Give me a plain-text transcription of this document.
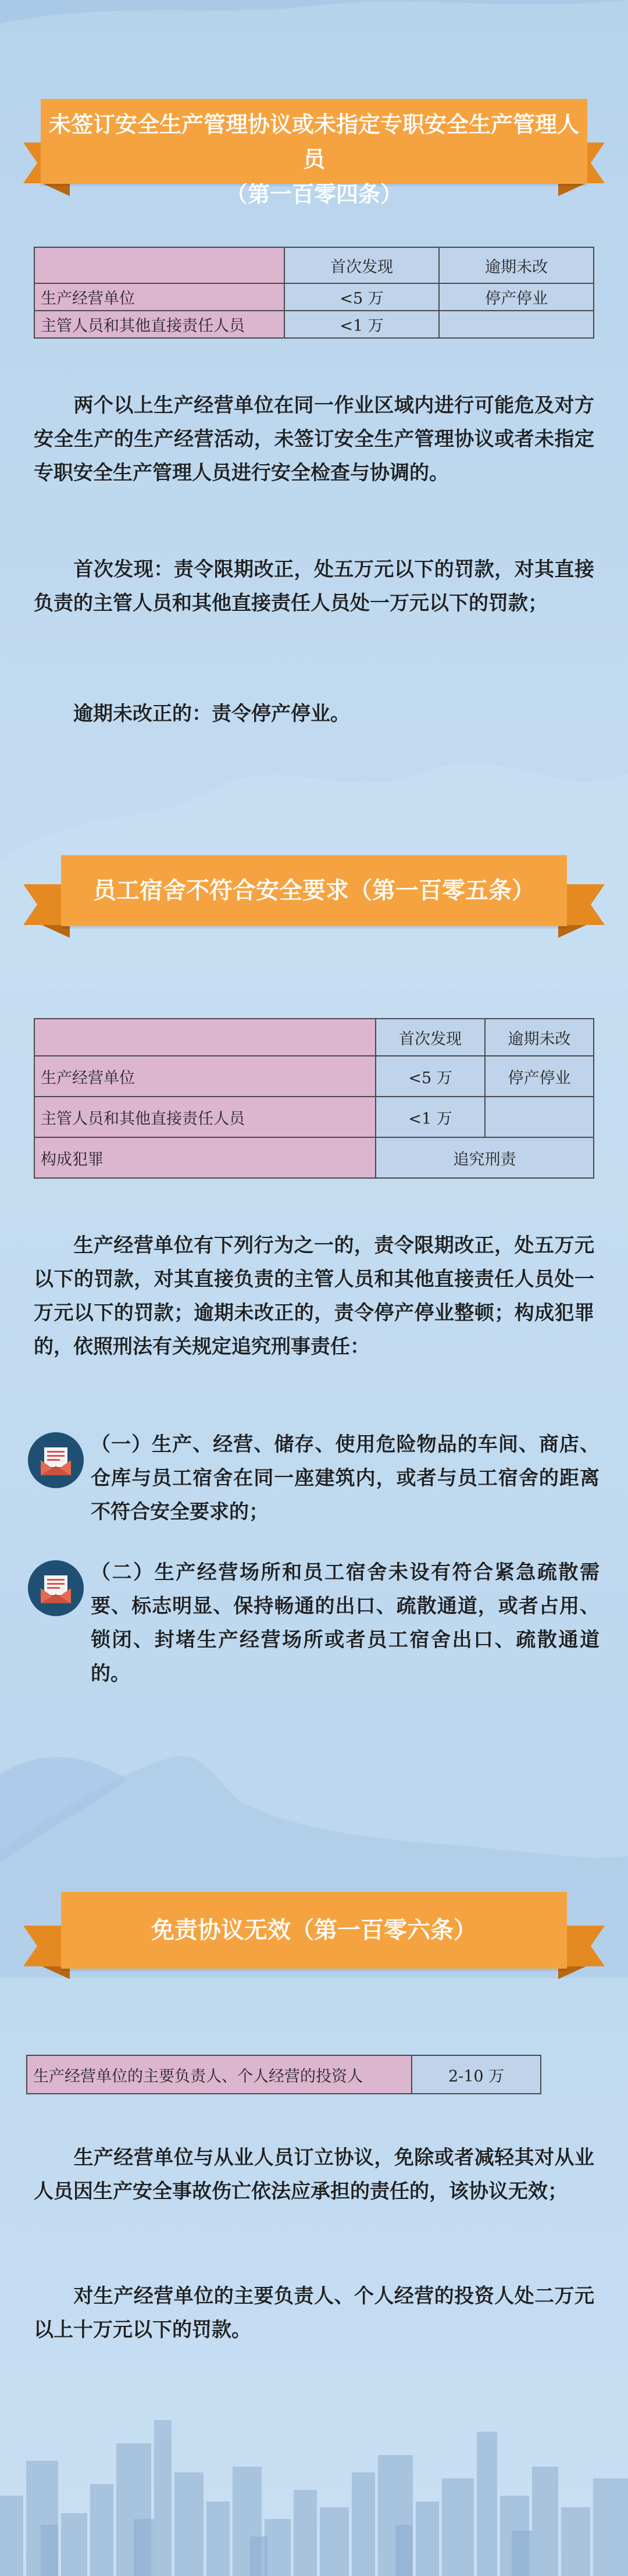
未签订安全生产管理协议或未指定专职安全生产管理人员
（第一百零四条）
	首次发现	逾期未改
生产经营单位	<5 万	停产停业
主管人员和其他直接责任人员	<1 万	
两个以上生产经营单位在同一作业区域内进行可能危及对方安全生产的生产经营活动，未签订安全生产管理协议或者未指定专职安全生产管理人员进行安全检查与协调的。
首次发现：责令限期改正，处五万元以下的罚款，对其直接负责的主管人员和其他直接责任人员处一万元以下的罚款；
逾期未改正的：责令停产停业。
员工宿舍不符合安全要求（第一百零五条）
	首次发现	逾期未改
生产经营单位	<5 万	停产停业
主管人员和其他直接责任人员	<1 万	
构成犯罪	追究刑责	
生产经营单位有下列行为之一的，责令限期改正，处五万元以下的罚款，对其直接负责的主管人员和其他直接责任人员处一万元以下的罚款；逾期未改正的，责令停产停业整顿；构成犯罪的，依照刑法有关规定追究刑事责任：
（一）生产、经营、储存、使用危险物品的车间、商店、仓库与员工宿舍在同一座建筑内，或者与员工宿舍的距离不符合安全要求的；
（二）生产经营场所和员工宿舍未设有符合紧急疏散需要、标志明显、保持畅通的出口、疏散通道，或者占用、锁闭、封堵生产经营场所或者员工宿舍出口、疏散通道的。
免责协议无效（第一百零六条）
生产经营单位的主要负责人、个人经营的投资人	2-10 万
生产经营单位与从业人员订立协议，免除或者减轻其对从业人员因生产安全事故伤亡依法应承担的责任的，该协议无效；
对生产经营单位的主要负责人、个人经营的投资人处二万元以上十万元以下的罚款。
